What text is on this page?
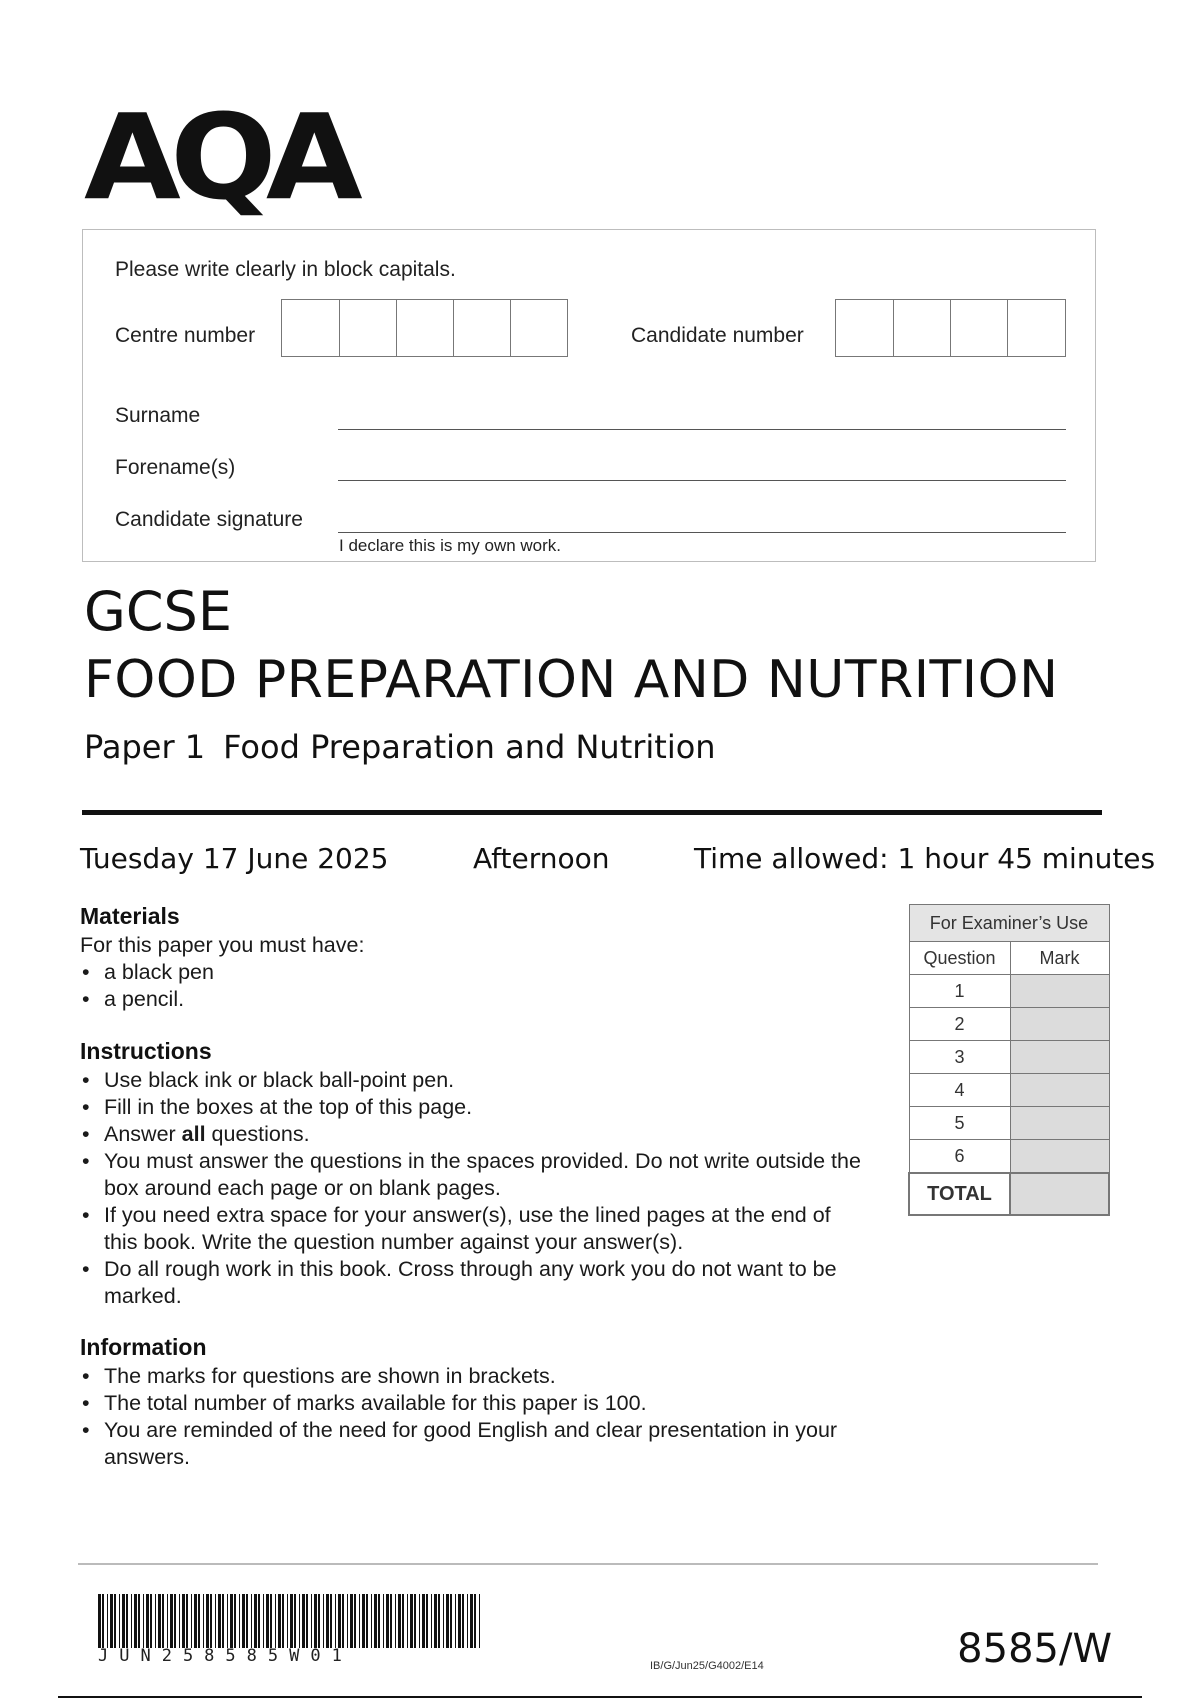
AQA
Please write clearly in block capitals.
Centre number	Candidate number
Surname
Forename(s)
Candidate signature
I declare this is my own work.
GCSE
FOOD PREPARATION AND NUTRITION
Paper 1 Food Preparation and Nutrition
Tuesday 17 June 2025	Afternoon	Time allowed: 1 hour 45 minutes
Materials
For this paper you must have:
• a black pen
• a pencil.
Instructions
• Use black ink or black ball-point pen.
• Fill in the boxes at the top of this page.
• Answer all questions.
• You must answer the questions in the spaces provided. Do not write outside the box around each page or on blank pages.
• If you need extra space for your answer(s), use the lined pages at the end of this book. Write the question number against your answer(s).
• Do all rough work in this book. Cross through any work you do not want to be marked.
Information
• The marks for questions are shown in brackets.
• The total number of marks available for this paper is 100.
• You are reminded of the need for good English and clear presentation in your answers.
For Examiner’s Use	
Question	Mark
1	
2	
3	
4	
5	
6	
TOTAL	
JUN258585W01	IB/G/Jun25/G4002/E14	8585/W
